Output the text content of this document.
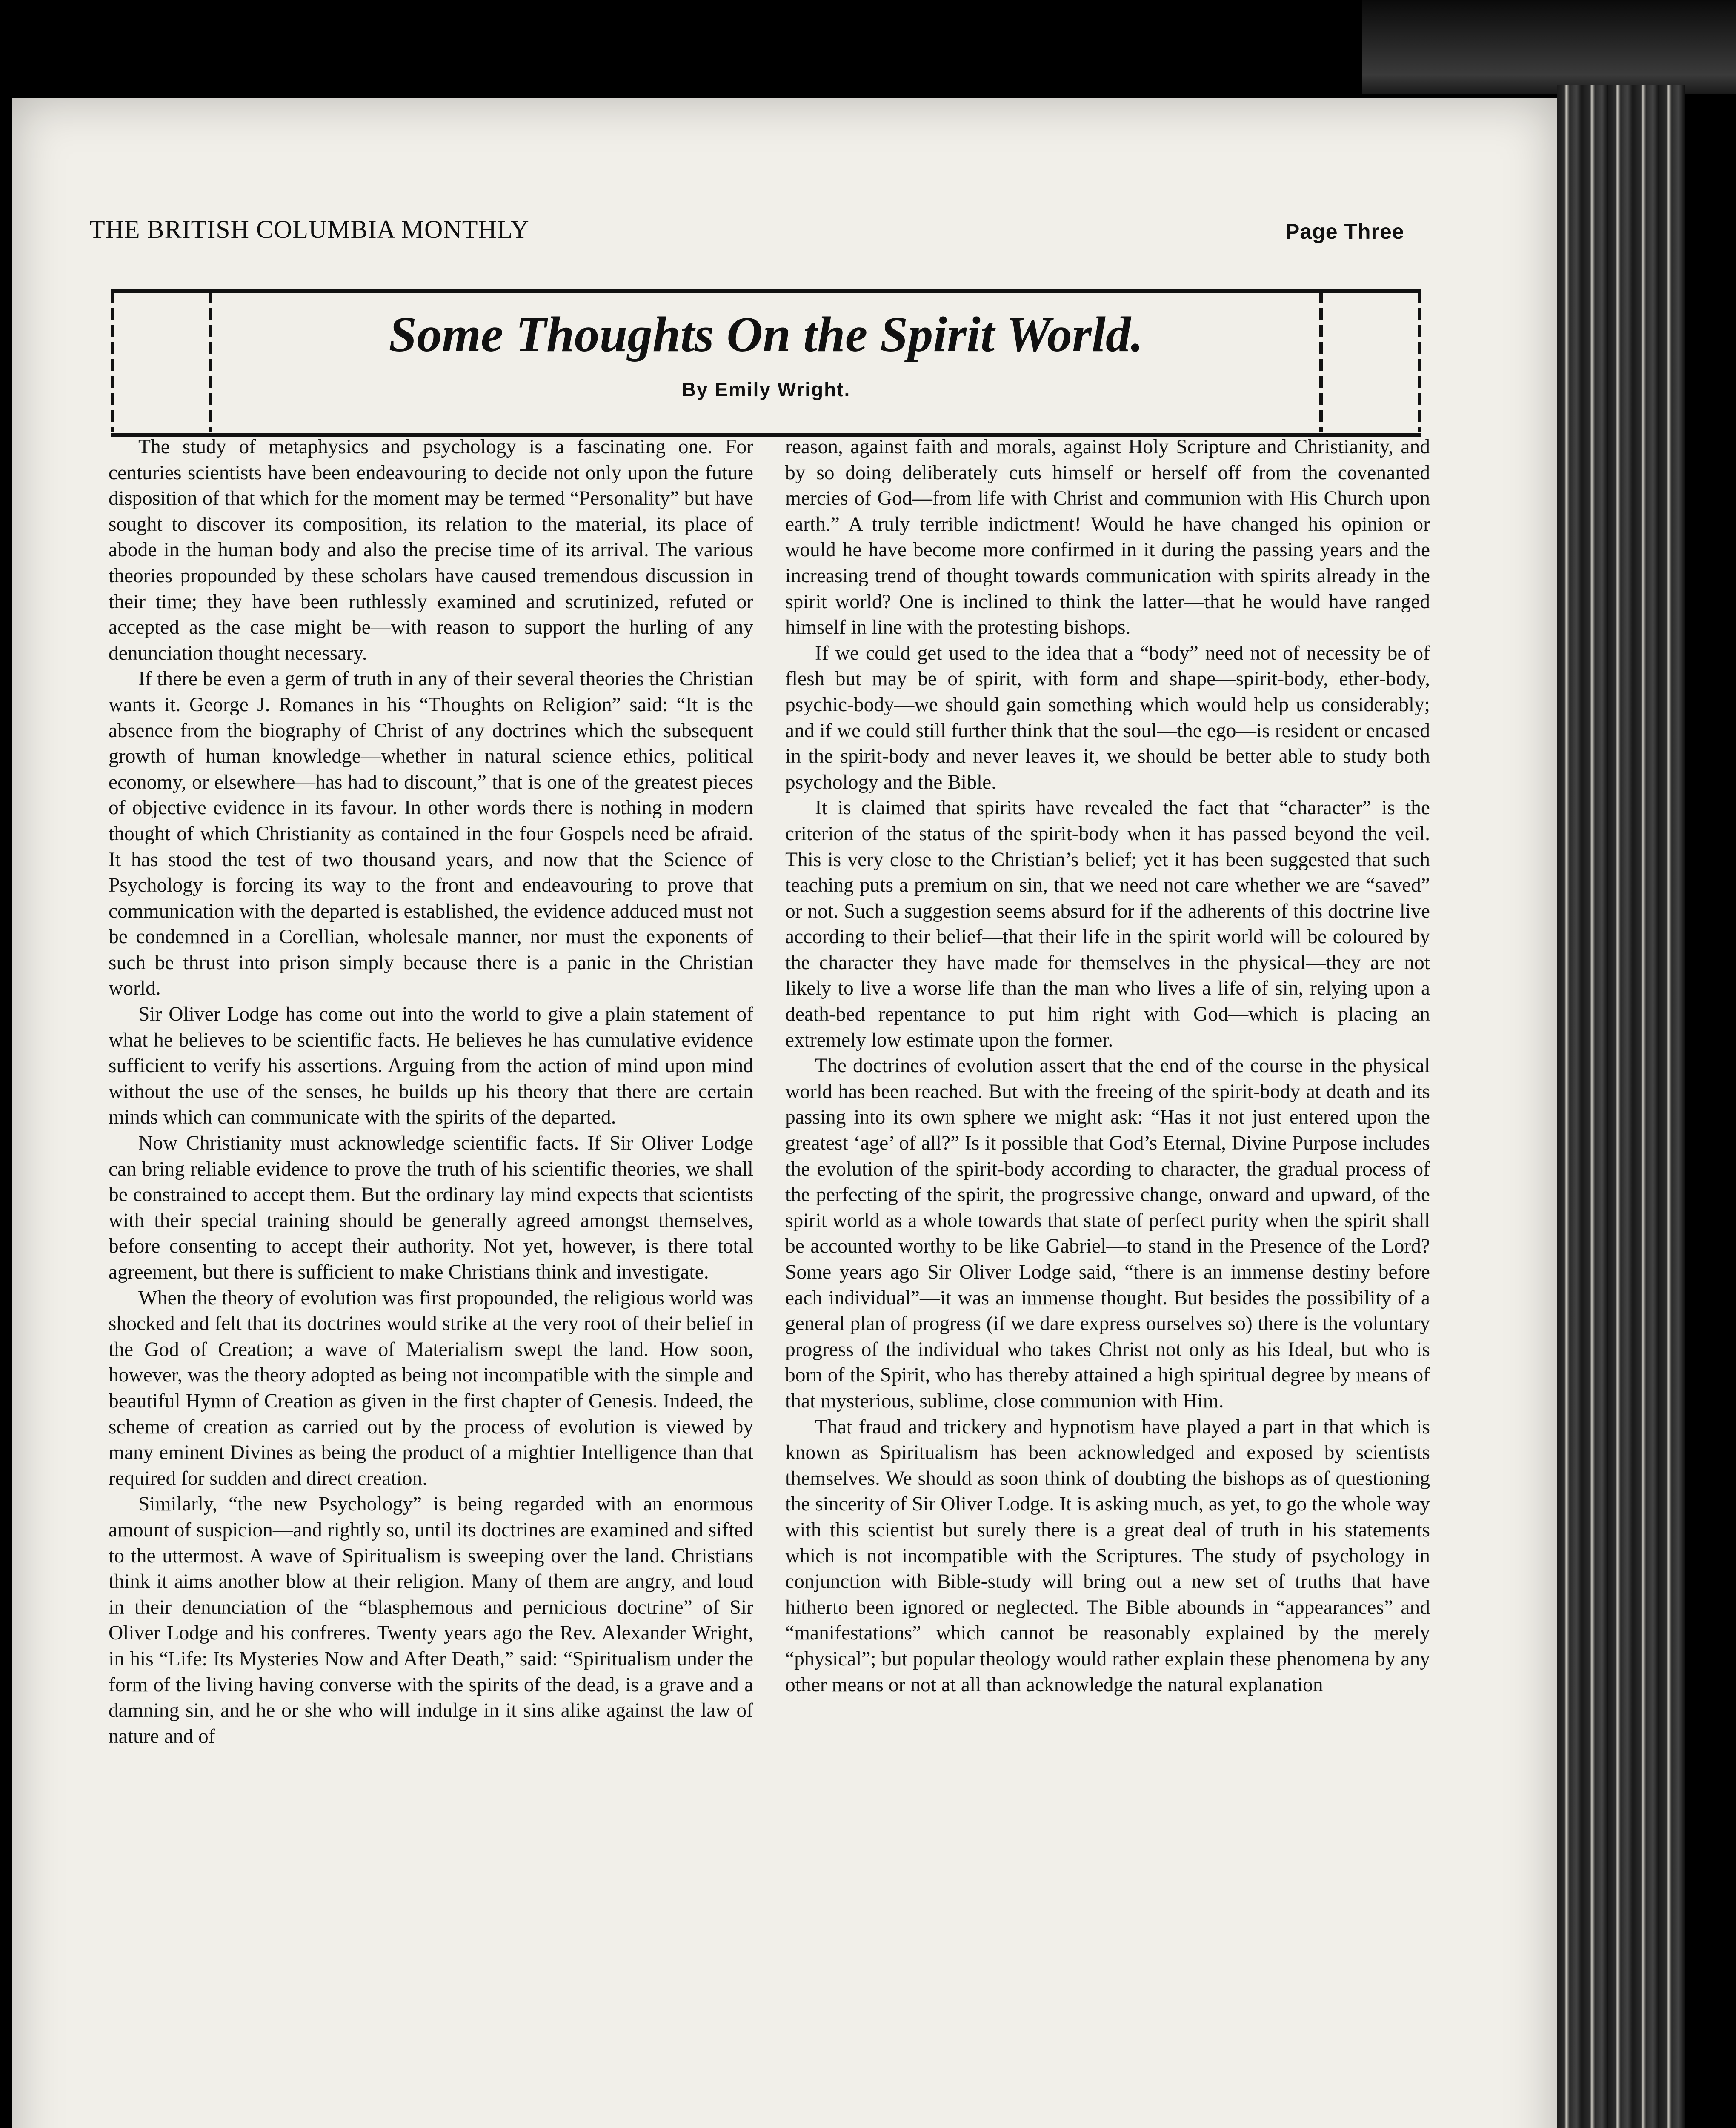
THE BRITISH COLUMBIA MONTHLY	Page Three
Some Thoughts On the Spirit World.
By Emily Wright.

The study of metaphysics and psychology is a fascinating one. For centuries scientists have been endeavouring to decide not only upon the future disposition of that which for the moment may be termed “Personality” but have sought to discover its composition, its relation to the material, its place of abode in the human body and also the precise time of its arrival. The various theories propounded by these scholars have caused tremendous discussion in their time; they have been ruthlessly examined and scrutinized, refuted or accepted as the case might be—with reason to support the hurling of any denunciation thought necessary.

If there be even a germ of truth in any of their several theories the Christian wants it. George J. Romanes in his “Thoughts on Religion” said: “It is the absence from the biography of Christ of any doctrines which the subsequent growth of human knowledge—whether in natural science ethics, political economy, or elsewhere—has had to discount,” that is one of the greatest pieces of objective evidence in its favour. In other words there is nothing in modern thought of which Christianity as contained in the four Gospels need be afraid. It has stood the test of two thousand years, and now that the Science of Psychology is forcing its way to the front and endeavouring to prove that communication with the departed is established, the evidence adduced must not be condemned in a Corellian, wholesale manner, nor must the exponents of such be thrust into prison simply because there is a panic in the Christian world.

Sir Oliver Lodge has come out into the world to give a plain statement of what he believes to be scientific facts. He believes he has cumulative evidence sufficient to verify his assertions. Arguing from the action of mind upon mind without the use of the senses, he builds up his theory that there are certain minds which can communicate with the spirits of the departed.

Now Christianity must acknowledge scientific facts. If Sir Oliver Lodge can bring reliable evidence to prove the truth of his scientific theories, we shall be constrained to accept them. But the ordinary lay mind expects that scientists with their special training should be generally agreed amongst themselves, before consenting to accept their authority. Not yet, however, is there total agreement, but there is sufficient to make Christians think and investigate.

When the theory of evolution was first propounded, the religious world was shocked and felt that its doctrines would strike at the very root of their belief in the God of Creation; a wave of Materialism swept the land. How soon, however, was the theory adopted as being not incompatible with the simple and beautiful Hymn of Creation as given in the first chapter of Genesis. Indeed, the scheme of creation as carried out by the process of evolution is viewed by many eminent Divines as being the product of a mightier Intelligence than that required for sudden and direct creation.

Similarly, “the new Psychology” is being regarded with an enormous amount of suspicion—and rightly so, until its doctrines are examined and sifted to the uttermost. A wave of Spiritualism is sweeping over the land. Christians think it aims another blow at their religion. Many of them are angry, and loud in their denunciation of the “blasphemous and pernicious doctrine” of Sir Oliver Lodge and his confreres. Twenty years ago the Rev. Alexander Wright, in his “Life: Its Mysteries Now and After Death,” said: “Spiritualism under the form of the living having converse with the spirits of the dead, is a grave and a damning sin, and he or she who will indulge in it sins alike against the law of nature and of

reason, against faith and morals, against Holy Scripture and Christianity, and by so doing deliberately cuts himself or herself off from the covenanted mercies of God—from life with Christ and communion with His Church upon earth.” A truly terrible indictment! Would he have changed his opinion or would he have become more confirmed in it during the passing years and the increasing trend of thought towards communication with spirits already in the spirit world? One is inclined to think the latter—that he would have ranged himself in line with the protesting bishops.

If we could get used to the idea that a “body” need not of necessity be of flesh but may be of spirit, with form and shape—spirit-body, ether-body, psychic-body—we should gain something which would help us considerably; and if we could still further think that the soul—the ego—is resident or encased in the spirit-body and never leaves it, we should be better able to study both psychology and the Bible.

It is claimed that spirits have revealed the fact that “character” is the criterion of the status of the spirit-body when it has passed beyond the veil. This is very close to the Christian’s belief; yet it has been suggested that such teaching puts a premium on sin, that we need not care whether we are “saved” or not. Such a suggestion seems absurd for if the adherents of this doctrine live according to their belief—that their life in the spirit world will be coloured by the character they have made for themselves in the physical—they are not likely to live a worse life than the man who lives a life of sin, relying upon a death-bed repentance to put him right with God—which is placing an extremely low estimate upon the former.

The doctrines of evolution assert that the end of the course in the physical world has been reached. But with the freeing of the spirit-body at death and its passing into its own sphere we might ask: “Has it not just entered upon the greatest ‘age’ of all?” Is it possible that God’s Eternal, Divine Purpose includes the evolution of the spirit-body according to character, the gradual process of the perfecting of the spirit, the progressive change, onward and upward, of the spirit world as a whole towards that state of perfect purity when the spirit shall be accounted worthy to be like Gabriel—to stand in the Presence of the Lord? Some years ago Sir Oliver Lodge said, “there is an immense destiny before each individual”—it was an immense thought. But besides the possibility of a general plan of progress (if we dare express ourselves so) there is the voluntary progress of the individual who takes Christ not only as his Ideal, but who is born of the Spirit, who has thereby attained a high spiritual degree by means of that mysterious, sublime, close communion with Him.

That fraud and trickery and hypnotism have played a part in that which is known as Spiritualism has been acknowledged and exposed by scientists themselves. We should as soon think of doubting the bishops as of questioning the sincerity of Sir Oliver Lodge. It is asking much, as yet, to go the whole way with this scientist but surely there is a great deal of truth in his statements which is not incompatible with the Scriptures. The study of psychology in conjunction with Bible-study will bring out a new set of truths that have hitherto been ignored or neglected. The Bible abounds in “appearances” and “manifestations” which cannot be reasonably explained by the merely “physical”; but popular theology would rather explain these phenomena by any other means or not at all than acknowledge the natural explanation
